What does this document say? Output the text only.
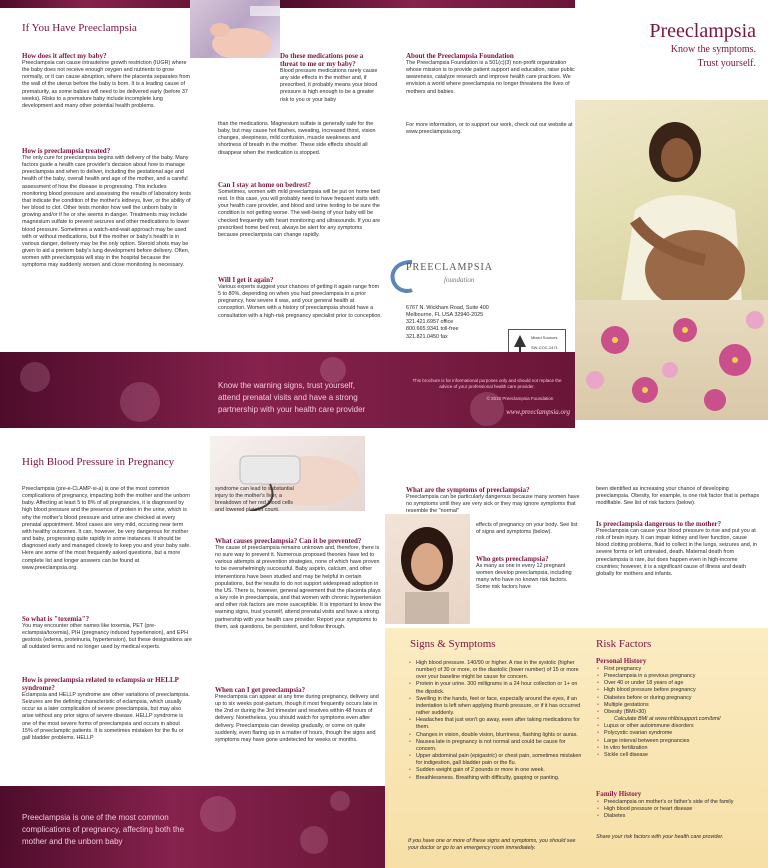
If You Have Preeclampsia
How does it affect my baby?
Preeclampsia can cause intrauterine growth restriction (IUGR) where the baby does not receive enough oxygen and nutrients to grow normally, or it can cause abruption, where the placenta separates from the wall of the uterus before the baby is born. It is a leading cause of prematurity, as some babies will need to be delivered early (before 37 weeks). Risks to a premature baby include incomplete lung development and many other potential health problems.
How is preeclampsia treated?
The only cure for preeclampsia begins with delivery of the baby. Many factors guide a health care provider's decision about how to manage preeclampsia and when to deliver, including the gestational age and health of the baby, overall health and age of the mother, and a careful assessment of how the disease is progressing. This includes monitoring blood pressure and assessing the results of laboratory tests that indicate the condition of the mother's kidneys, liver, or the ability of her blood to clot. Other tests monitor how well the unborn baby is growing and/or if he or she seems in danger. Treatments may include magnesium sulfate to prevent seizures and other medications to lower blood pressure. Sometimes a watch-and-wait approach may be used with or without medications, but if the mother or baby's health is in various danger, delivery may be the only option. Steroid shots may be given to aid a preterm baby's lung development before delivery. Often, women with preeclampsia will stay in the hospital because the symptoms may suddenly worsen and close monitoring is necessary.
Do these medications pose a threat to me or my baby?
Blood pressure medications rarely cause any side effects in the mother and, if prescribed, it probably means your blood pressure is high enough to be a greater risk to you or your baby
than the medications. Magnesium sulfate is generally safe for the baby, but may cause hot flashes, sweating, increased thirst, vision changes, sleepiness, mild confusion, muscle weakness and shortness of breath in the mother. These side effects should all disappear when the medication is stopped.
Can I stay at home on bedrest?
Sometimes, women with mild preeclampsia will be put on home bed rest. In this case, you will probably need to have frequent visits with your health care provider, and blood and urine testing to be sure the condition is not getting worse. The well-being of your baby will be checked frequently with heart monitoring and ultrasounds. If you are prescribed home bed rest, always be alert for any symptoms because preeclampsia can change rapidly.
Will I get it again?
Various experts suggest your chances of getting it again range from 5 to 80%, depending on when you had preeclampsia in a prior pregnancy, how severe it was, and your general health at conception. Women with a history of preeclampsia should have a consultation with a high-risk pregnancy specialist prior to conception.
About the Preeclampsia Foundation
The Preeclampsia Foundation is a 501(c)(3) non-profit organization whose mission is to provide patient support and education, raise public awareness, catalyze research and improve health care practices. We envision a world where preeclampsia no longer threatens the lives of mothers and babies.
For more information, or to support our work, check out our website at www.preeclampsia.org.
PREECLAMPSIA
foundation
6767 N. Wickham Road, Suite 400
Melbourne, FL USA 32940-2025
321.421.6957 office
800.665.9341 toll-free
321.821.0450 fax	Mixed Sources
SW-COC-1471
Preeclampsia
Know the symptoms.
Trust yourself.
Know the warning signs, trust yourself, attend prenatal visits and have a strong partnership with your health care provider
This brochure is for informational purposes only and should not replace the advice of your professional health care provider.
© 2010 Preeclampsia Foundation
www.preeclampsia.org
High Blood Pressure in Pregnancy
Preeclampsia (pre-e-CLAMP-si-a) is one of the most common complications of pregnancy, impacting both the mother and the unborn baby. Affecting at least 5 to 8% of all pregnancies, it is diagnosed by high blood pressure and the presence of protein in the urine, which is why the mother's blood pressure and urine are checked at every prenatal appointment. Most cases are very mild, occuring near term with healthy outcomes. It can, however, be very dangerous for mother and baby, progressing quite rapidly in some instances. It should be diagnosed early and managed closely to keep you and your baby safe. Here are some of the most frequently asked questions, but a more complete list and longer answers can be found at www.preeclampsia.org.
So what is "toxemia"?
You may encounter other names like toxemia, PET (pre-eclampsia/toxemia), PIH (pregnancy induced hypertension), and EPH gestosis (edema, proteinuria, hypertension), but these designations are all outdated terms and no longer used by medical experts.
How is preeclampsia related to eclampsia or HELLP syndrome?
Eclampsia and HELLP syndrome are other variations of preeclampsia. Seizures are the defining characteristic of eclampsia, which usually occur as a later complication of severe preeclampsia, but may also arise without any prior signs of severe disease. HELLP syndrome is one of the most severe forms of preeclampsia and occurs in about 15% of preeclamptic patients. It is sometimes mistaken for the flu or gall bladder problems. HELLP
syndrome can lead to substantial injury to the mother's liver, a breakdown of her red blood cells and lowered platelet count.
What causes preeclampsia? Can it be prevented?
The cause of preeclampsia remains unknown and, therefore, there is no sure way to prevent it. Numerous proposed theories have led to various attempts at prevention strategies, none of which have proven to be overwhelmingly successful. Baby aspirin, calcium, and other interventions have been studied and may be helpful in certain populations, but the results to do not support widespread adoption in the US. There is, however, general agreement that the placenta plays a key role in preeclampsia, and that women with chronic hypertension and other risk factors are more susceptible. It is important to know the warning signs, trust yourself, attend prenatal visits and have a strong partnership with your health care provider. Report your symptoms to them, ask questions, be persistent, and follow through.
When can I get preeclampsia?
Preeclampsia can appear at any time during pregnancy, delivery and up to six weeks post-partum, though it most frequently occurs late in the 2nd or during the 3rd trimester and resolves within 48 hours of delivery. Nonetheless, you should watch for symptoms even after delivery. Preeclampsia can develop gradually, or come on quite suddenly, even flaring up in a matter of hours, though the signs and symptoms may have gone undetected for weeks or months.
What are the symptoms of preeclampsia?
Preeclampsia can be particularly dangerous because many women have no symptoms until they are very sick or they may ignore symptoms that resemble the "normal"
effects of pregnancy on your body. See list of signs and symptoms (below).
Who gets preeclampsia?
As many as one in every 12 pregnant women develop preeclampsia, including many who have no known risk factors. Some risk factors have
been identified as increasing your chance of developing preeclampsia. Obesity, for example, is one risk factor that is perhaps modifiable. See list of risk factors (below).
Is preeclampsia dangerous to the mother?
Preeclampsia can cause your blood pressure to rise and put you at risk of brain injury. It can impair kidney and liver function, cause blood clotting problems, fluid to collect in the lungs, seizures and, in severe forms or left untreated, death. Maternal death from preeclampsia is rare, but does happen even in high-income countries; however, it is a significant cause of illness and death globally for mothers and infants.
Signs & Symptoms
• High blood pressure. 140/90 or higher. A rise in the systolic (higher number) of 30 or more, or the diastolic (lower number) of 15 or more over your baseline might be cause for concern.
• Protein in your urine. 300 milligrams in a 24 hour collection or 1+ on the dipstick.
• Swelling in the hands, feet or face, especially around the eyes, if an indentation is left when applying thumb pressure, or if it has occurred rather suddenly.
• Headaches that just won't go away, even after taking medications for them.
• Changes in vision, double vision, blurriness, flashing lights or auras.
• Nausea late in pregnancy is not normal and could be cause for concern.
• Upper abdominal pain (epigastric) or chest pain, sometimes mistaken for indigestion, gall bladder pain or the flu.
• Sudden weight gain of 2 pounds or more in one week.
• Breathlessness. Breathing with difficulty, gasping or panting.
If you have one or more of these signs and symptoms, you should see your doctor or go to an emergency room immediately.
Risk Factors
Personal History
• First pregnancy
• Preeclampsia in a previous pregnancy
• Over 40 or under 18 years of age
• High blood pressure before pregnancy
• Diabetes before or during pregnancy
• Multiple gestations
• Obesity (BMI>30)
• Calculate BMI at www.nhlbisupport.com/bmi/
• Lupus or other autoimmune disorders
• Polycystic ovarian syndrome
• Large interval between pregnancies
• In vitro fertilization
• Sickle cell disease
Family History
• Preeclampsia on mother's or father's side of the family
• High blood pressure or heart disease
• Diabetes
Share your risk factors with your health care provider.
Preeclampsia is one of the most common complications of pregnancy, affecting both the mother and the unborn baby
